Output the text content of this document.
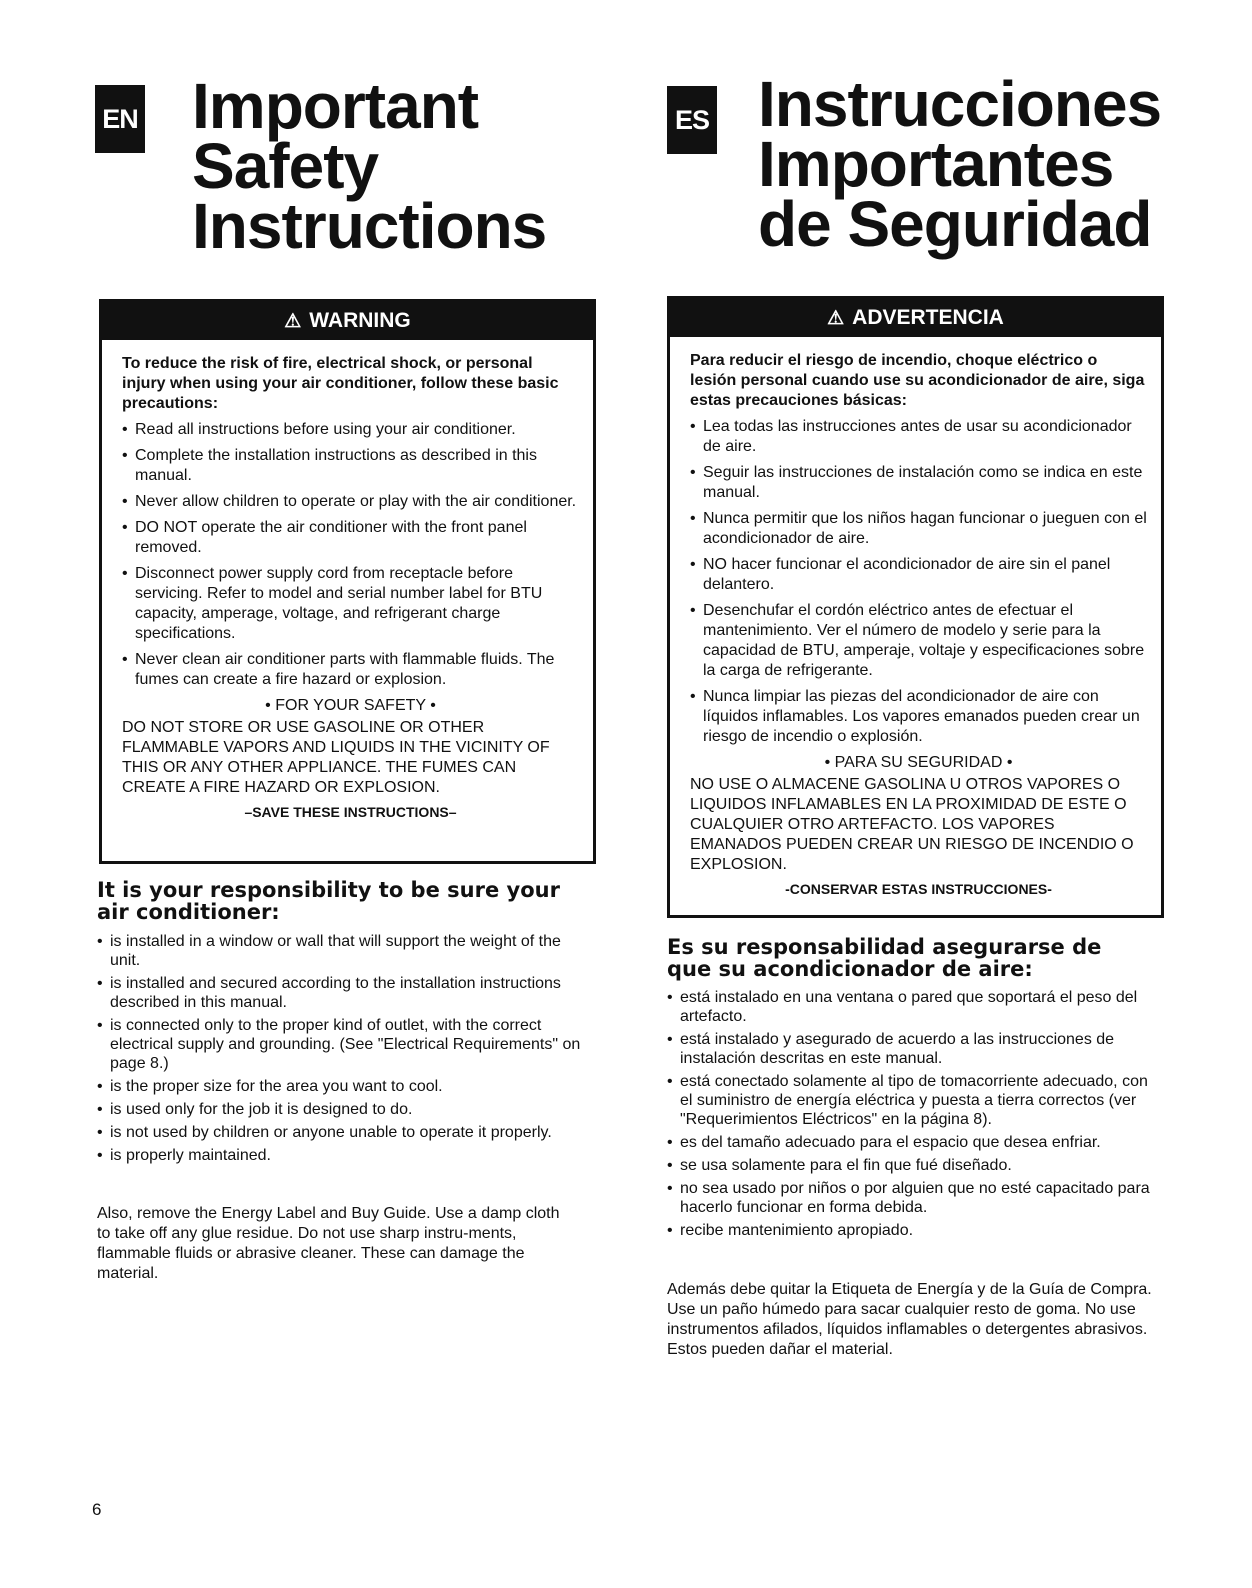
EN Important
Safety
Instructions
⚠ WARNING

To reduce the risk of fire, electrical shock, or personal injury when using your air conditioner, follow these basic precautions:

• Read all instructions before using your air conditioner.
• Complete the installation instructions as described in this manual.
• Never allow children to operate or play with the air conditioner.
• DO NOT operate the air conditioner with the front panel removed.
• Disconnect power supply cord from receptacle before servicing. Refer to model and serial number label for BTU capacity, amperage, voltage, and refrigerant charge specifications.
• Never clean air conditioner parts with flammable fluids. The fumes can create a fire hazard or explosion.
• FOR YOUR SAFETY •

DO NOT STORE OR USE GASOLINE OR OTHER FLAMMABLE VAPORS AND LIQUIDS IN THE VICINITY OF THIS OR ANY OTHER APPLIANCE. THE FUMES CAN CREATE A FIRE HAZARD OR EXPLOSION.

–SAVE THESE INSTRUCTIONS–
It is your responsibility to be sure your air conditioner:
• is installed in a window or wall that will support the weight of the unit.
• is installed and secured according to the installation instructions described in this manual.
• is connected only to the proper kind of outlet, with the correct electrical supply and grounding. (See "Electrical Requirements" on page 8.)
• is the proper size for the area you want to cool.
• is used only for the job it is designed to do.
• is not used by children or anyone unable to operate it properly.
• is properly maintained.

Also, remove the Energy Label and Buy Guide. Use a damp cloth to take off any glue residue. Do not use sharp instru-ments, flammable fluids or abrasive cleaner. These can damage the material.

6
ES Instrucciones
Importantes
de Seguridad
⚠ ADVERTENCIA

Para reducir el riesgo de incendio, choque eléctrico o lesión personal cuando use su acondicionador de aire, siga estas precauciones básicas:

• Lea todas las instrucciones antes de usar su acondicionador de aire.
• Seguir las instrucciones de instalación como se indica en este manual.
• Nunca permitir que los niños hagan funcionar o jueguen con el acondicionador de aire.
• NO hacer funcionar el acondicionador de aire sin el panel delantero.
• Desenchufar el cordón eléctrico antes de efectuar el mantenimiento. Ver el número de modelo y serie para la capacidad de BTU, amperaje, voltaje y especificaciones sobre la carga de refrigerante.
• Nunca limpiar las piezas del acondicionador de aire con líquidos inflamables. Los vapores emanados pueden crear un riesgo de incendio o explosión.
• PARA SU SEGURIDAD •

NO USE O ALMACENE GASOLINA U OTROS VAPORES O LIQUIDOS INFLAMABLES EN LA PROXIMIDAD DE ESTE O CUALQUIER OTRO ARTEFACTO. LOS VAPORES EMANADOS PUEDEN CREAR UN RIESGO DE INCENDIO O EXPLOSION.

-CONSERVAR ESTAS INSTRUCCIONES-
Es su responsabilidad asegurarse de que su acondicionador de aire:
• está instalado en una ventana o pared que soportará el peso del artefacto.
• está instalado y asegurado de acuerdo a las instrucciones de instalación descritas en este manual.
• está conectado solamente al tipo de tomacorriente adecuado, con el suministro de energía eléctrica y puesta a tierra correctos (ver "Requerimientos Eléctricos" en la página 8).
• es del tamaño adecuado para el espacio que desea enfriar.
• se usa solamente para el fin que fué diseñado.
• no sea usado por niños o por alguien que no esté capacitado para hacerlo funcionar en forma debida.
• recibe mantenimiento apropiado.

Además debe quitar la Etiqueta de Energía y de la Guía de Compra. Use un paño húmedo para sacar cualquier resto de goma. No use instrumentos afilados, líquidos inflamables o detergentes abrasivos. Estos pueden dañar el material.
